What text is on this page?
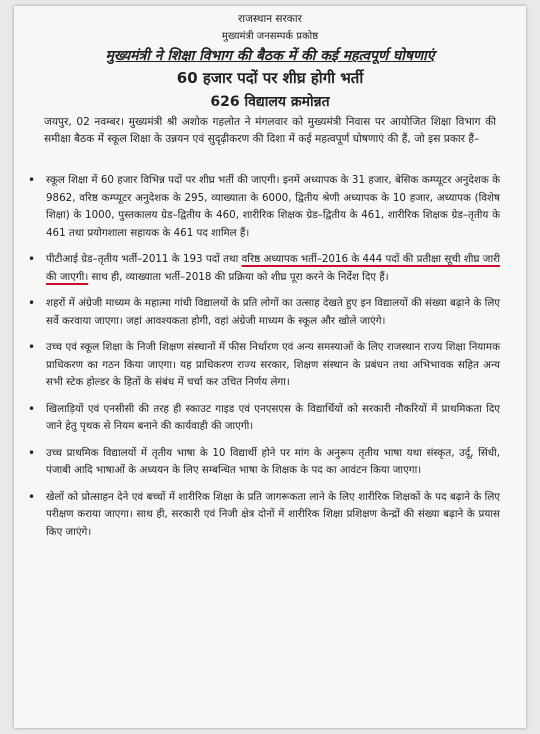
राजस्थान सरकार
मुख्यमंत्री जनसम्पर्क प्रकोष्ठ
मुख्यमंत्री ने शिक्षा विभाग की बैठक में की कई महत्वपूर्ण घोषणाएं
60 हजार पदों पर शीघ्र होगी भर्ती
626 विद्यालय क्रमोन्नत
जयपुर, 02 नवम्बर। मुख्यमंत्री श्री अशोक गहलोत ने मंगलवार को मुख्यमंत्री निवास पर आयोजित शिक्षा विभाग की समीक्षा बैठक में स्कूल शिक्षा के उन्नयन एवं सुदृढ़ीकरण की दिशा में कई महत्वपूर्ण घोषणाएं की हैं, जो इस प्रकार हैं–
• स्कूल शिक्षा में 60 हजार विभिन्न पदों पर शीघ्र भर्ती की जाएगी। इनमें अध्यापक के 31 हजार, बेसिक कम्प्यूटर अनुदेशक के 9862, वरिष्ठ कम्प्यूटर अनुदेशक के 295, व्याख्याता के 6000, द्वितीय श्रेणी अध्यापक के 10 हजार, अध्यापक (विशेष शिक्षा) के 1000, पुस्तकालय ग्रेड–द्वितीय के 460, शारीरिक शिक्षक ग्रेड–द्वितीय के 461, शारीरिक शिक्षक ग्रेड–तृतीय के 461 तथा प्रयोगशाला सहायक के 461 पद शामिल हैं।
• पीटीआई ग्रेड–तृतीय भर्ती–2011 के 193 पदों तथा वरिष्ठ अध्यापक भर्ती–2016 के 444 पदों की प्रतीक्षा सूची शीघ्र जारी की जाएगी। साथ ही, व्याख्याता भर्ती–2018 की प्रक्रिया को शीघ्र पूरा करने के निर्देश दिए हैं।
• शहरों में अंग्रेजी माध्यम के महात्मा गांधी विद्यालयों के प्रति लोगों का उत्साह देखते हुए इन विद्यालयों की संख्या बढ़ाने के लिए सर्वे करवाया जाएगा। जहां आवश्यकता होगी, वहां अंग्रेजी माध्यम के स्कूल और खोले जाएंगे।
• उच्च एवं स्कूल शिक्षा के निजी शिक्षण संस्थानों में फीस निर्धारण एवं अन्य समस्याओं के लिए राजस्थान राज्य शिक्षा नियामक प्राधिकरण का गठन किया जाएगा। यह प्राधिकरण राज्य सरकार, शिक्षण संस्थान के प्रबंधन तथा अभिभावक सहित अन्य सभी स्टेक होल्डर के हितों के संबंध में चर्चा कर उचित निर्णय लेगा।
• खिलाड़ियों एवं एनसीसी की तरह ही स्काउट गाइड एवं एनएसएस के विद्यार्थियों को सरकारी नौकरियों में प्राथमिकता दिए जाने हेतु पृथक से नियम बनाने की कार्यवाही की जाएगी।
• उच्च प्राथमिक विद्यालयों में तृतीय भाषा के 10 विद्यार्थी होने पर मांग के अनुरूप तृतीय भाषा यथा संस्कृत, उर्दू, सिंधी, पंजाबी आदि भाषाओं के अध्ययन के लिए सम्बन्धित भाषा के शिक्षक के पद का आवंटन किया जाएगा।
• खेलों को प्रोत्साहन देने एवं बच्चों में शारीरिक शिक्षा के प्रति जागरूकता लाने के लिए शारीरिक शिक्षकों के पद बढ़ाने के लिए परीक्षण कराया जाएगा। साथ ही, सरकारी एवं निजी क्षेत्र दोनों में शारीरिक शिक्षा प्रशिक्षण केन्द्रों की संख्या बढ़ाने के प्रयास किए जाएंगे।
